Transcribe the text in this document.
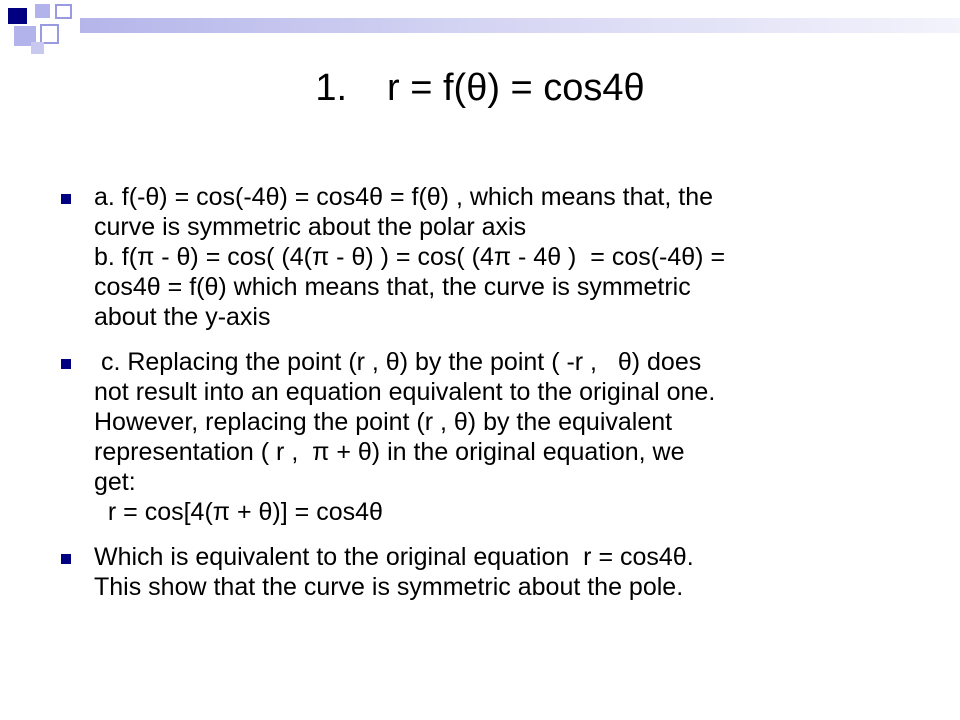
1. r = f(θ) = cos4θ
a. f(-θ) = cos(-4θ) = cos4θ = f(θ) , which means that, the
curve is symmetric about the polar axis
b. f(π - θ) = cos( (4(π - θ) ) = cos( (4π - 4θ )  = cos(-4θ) =
cos4θ = f(θ) which means that, the curve is symmetric
about the y-axis
c. Replacing the point (r , θ) by the point ( -r ,   θ) does
not result into an equation equivalent to the original one.
However, replacing the point (r , θ) by the equivalent
representation ( r ,  π + θ) in the original equation, we
get:
r = cos[4(π + θ)] = cos4θ
Which is equivalent to the original equation  r = cos4θ.
This show that the curve is symmetric about the pole.
